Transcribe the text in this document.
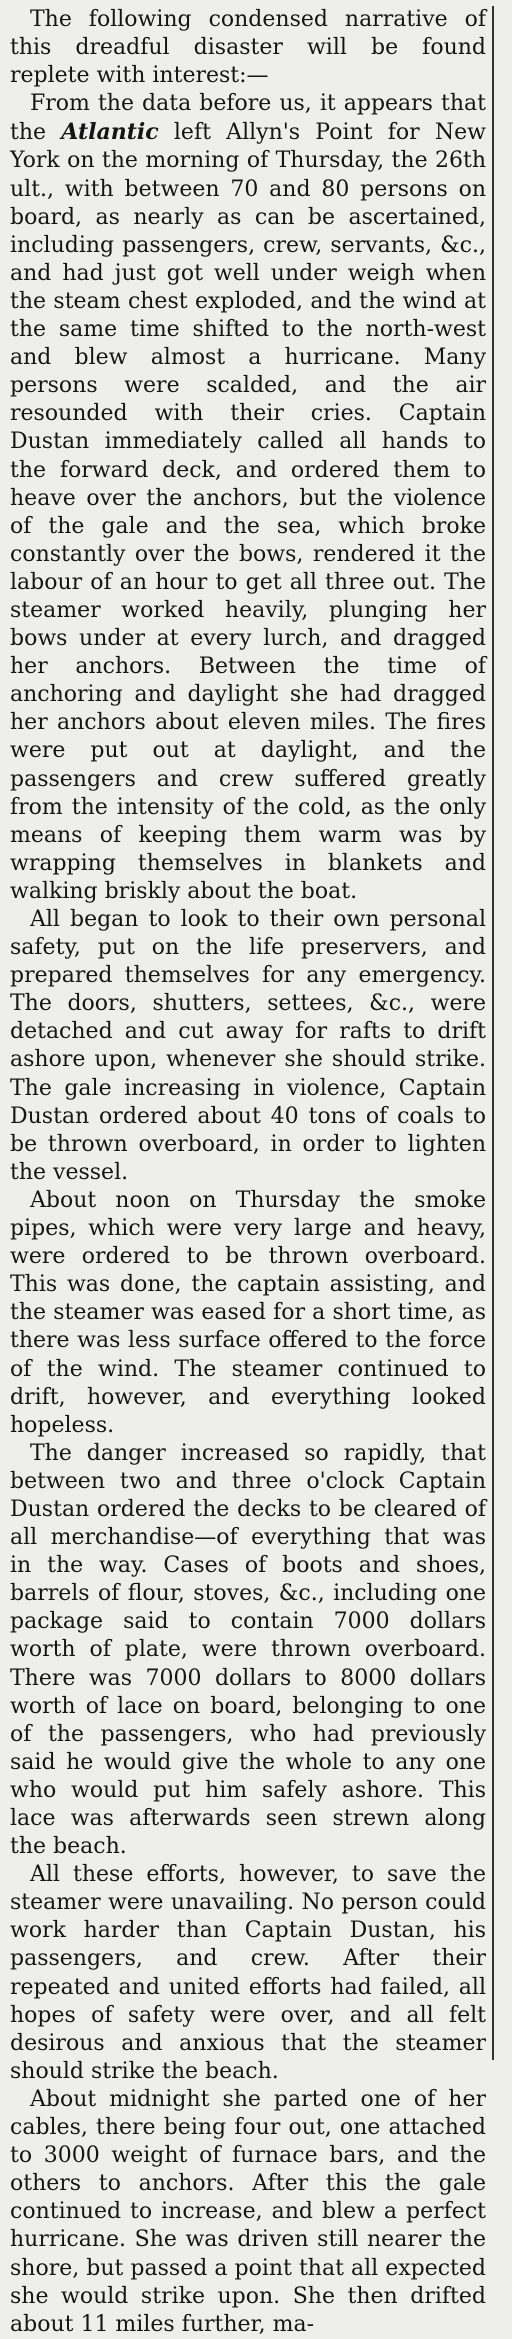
The following condensed narrative of this dreadful disaster will be found replete with interest:—

From the data before us, it appears that the Atlantic left Allyn's Point for New York on the morning of Thursday, the 26th ult., with between 70 and 80 persons on board, as nearly as can be ascertained, including passengers, crew, servants, &c., and had just got well under weigh when the steam chest exploded, and the wind at the same time shifted to the north-west and blew almost a hurricane. Many persons were scalded, and the air resounded with their cries. Captain Dustan immediately called all hands to the forward deck, and ordered them to heave over the anchors, but the violence of the gale and the sea, which broke constantly over the bows, rendered it the labour of an hour to get all three out. The steamer worked heavily, plunging her bows under at every lurch, and dragged her anchors. Between the time of anchoring and daylight she had dragged her anchors about eleven miles. The fires were put out at daylight, and the passengers and crew suffered greatly from the intensity of the cold, as the only means of keeping them warm was by wrapping themselves in blankets and walking briskly about the boat.

All began to look to their own personal safety, put on the life preservers, and prepared themselves for any emergency. The doors, shutters, settees, &c., were detached and cut away for rafts to drift ashore upon, whenever she should strike. The gale increasing in violence, Captain Dustan ordered about 40 tons of coals to be thrown overboard, in order to lighten the vessel.

About noon on Thursday the smoke pipes, which were very large and heavy, were ordered to be thrown overboard. This was done, the captain assisting, and the steamer was eased for a short time, as there was less surface offered to the force of the wind. The steamer continued to drift, however, and everything looked hopeless.

The danger increased so rapidly, that between two and three o'clock Captain Dustan ordered the decks to be cleared of all merchandise—of everything that was in the way. Cases of boots and shoes, barrels of flour, stoves, &c., including one package said to contain 7000 dollars worth of plate, were thrown overboard. There was 7000 dollars to 8000 dollars worth of lace on board, belonging to one of the passengers, who had previously said he would give the whole to any one who would put him safely ashore. This lace was afterwards seen strewn along the beach.

All these efforts, however, to save the steamer were unavailing. No person could work harder than Captain Dustan, his passengers, and crew. After their repeated and united efforts had failed, all hopes of safety were over, and all felt desirous and anxious that the steamer should strike the beach.

About midnight she parted one of her cables, there being four out, one attached to 3000 weight of furnace bars, and the others to anchors. After this the gale continued to increase, and blew a perfect hurricane. She was driven still nearer the shore, but passed a point that all expected she would strike upon. She then drifted about 11 miles further, ma-
